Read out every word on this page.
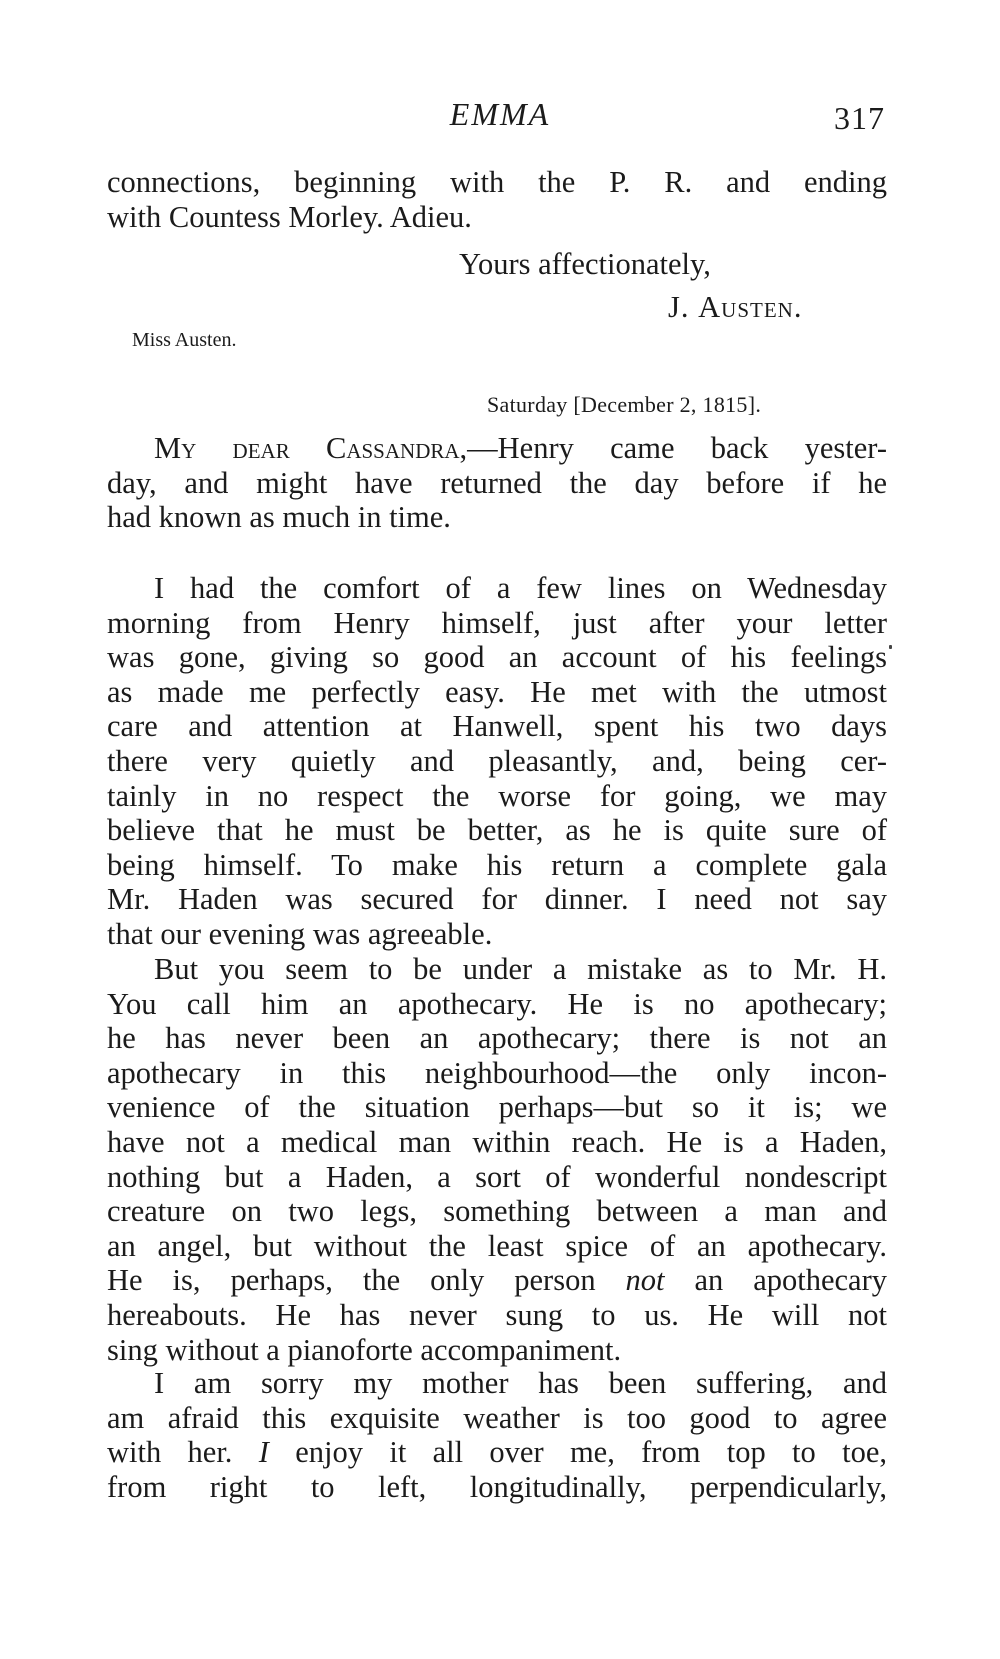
EMMA	317
connections, beginning with the P. R. and ending
with Countess Morley. Adieu.
Yours affectionately,
J. Austen.
Miss Austen.
Saturday [December 2, 1815].
My dear Cassandra,—Henry came back yester-
day, and might have returned the day before if he
had known as much in time.
I had the comfort of a few lines on Wednesday
morning from Henry himself, just after your letter
was gone, giving so good an account of his feelings
as made me perfectly easy. He met with the utmost
care and attention at Hanwell, spent his two days
there very quietly and pleasantly, and, being cer-
tainly in no respect the worse for going, we may
believe that he must be better, as he is quite sure of
being himself. To make his return a complete gala
Mr. Haden was secured for dinner. I need not say
that our evening was agreeable.
But you seem to be under a mistake as to Mr. H.
You call him an apothecary. He is no apothecary;
he has never been an apothecary; there is not an
apothecary in this neighbourhood—the only incon-
venience of the situation perhaps—but so it is; we
have not a medical man within reach. He is a Haden,
nothing but a Haden, a sort of wonderful nondescript
creature on two legs, something between a man and
an angel, but without the least spice of an apothecary.
He is, perhaps, the only person not an apothecary
hereabouts. He has never sung to us. He will not
sing without a pianoforte accompaniment.
I am sorry my mother has been suffering, and
am afraid this exquisite weather is too good to agree
with her. I enjoy it all over me, from top to toe,
from right to left, longitudinally, perpendicularly,
